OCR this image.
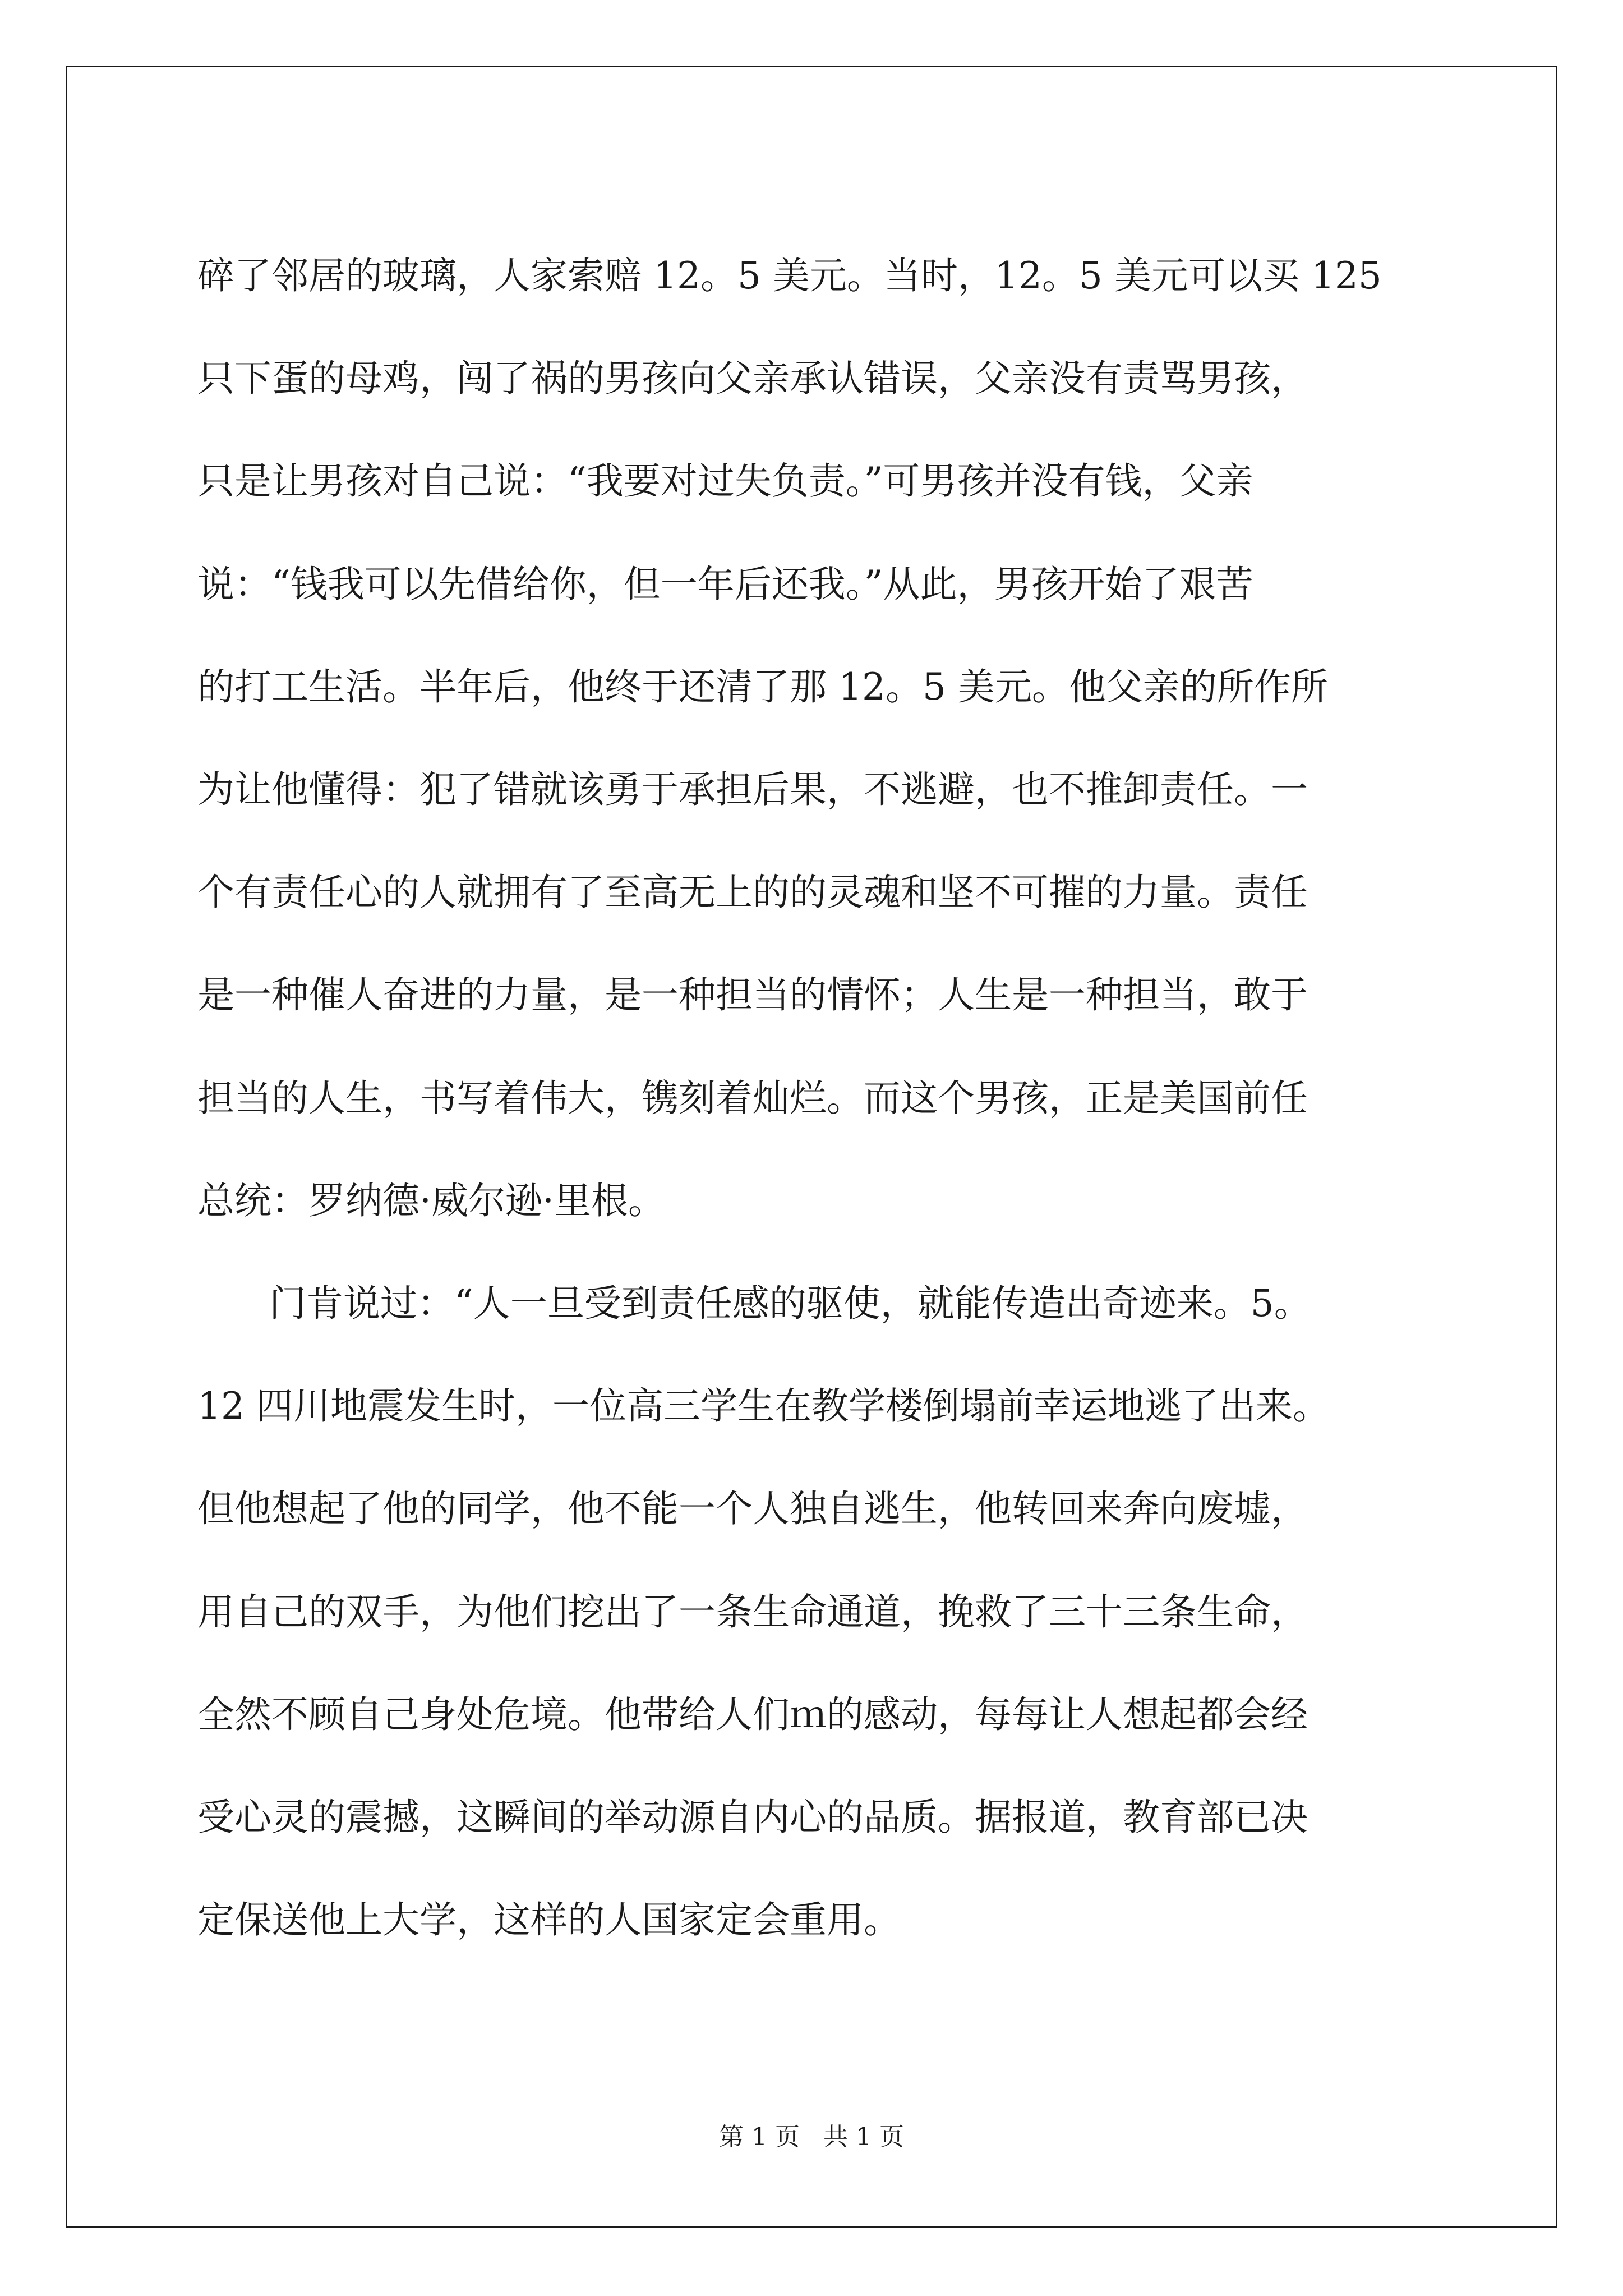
碎了邻居的玻璃，人家索赔 12。5 美元。当时，12。5 美元可以买 125
只下蛋的母鸡，闯了祸的男孩向父亲承认错误，父亲没有责骂男孩，
只是让男孩对自己说：“我要对过失负责。”可男孩并没有钱，父亲
说：“钱我可以先借给你，但一年后还我。”从此，男孩开始了艰苦
的打工生活。半年后，他终于还清了那 12。5 美元。他父亲的所作所
为让他懂得：犯了错就该勇于承担后果，不逃避，也不推卸责任。一
个有责任心的人就拥有了至高无上的的灵魂和坚不可摧的力量。责任
是一种催人奋进的力量，是一种担当的情怀；人生是一种担当，敢于
担当的人生，书写着伟大，镌刻着灿烂。而这个男孩，正是美国前任
总统：罗纳德·威尔逊·里根。
门肯说过：“人一旦受到责任感的驱使，就能传造出奇迹来。5。
12 四川地震发生时，一位高三学生在教学楼倒塌前幸运地逃了出来。
但他想起了他的同学，他不能一个人独自逃生，他转回来奔向废墟，
用自己的双手，为他们挖出了一条生命通道，挽救了三十三条生命，
全然不顾自己身处危境。他带给人们ｍ的感动，每每让人想起都会经
受心灵的震撼，这瞬间的举动源自内心的品质。据报道，教育部已决
定保送他上大学，这样的人国家定会重用。
第 1 页   共 1 页
